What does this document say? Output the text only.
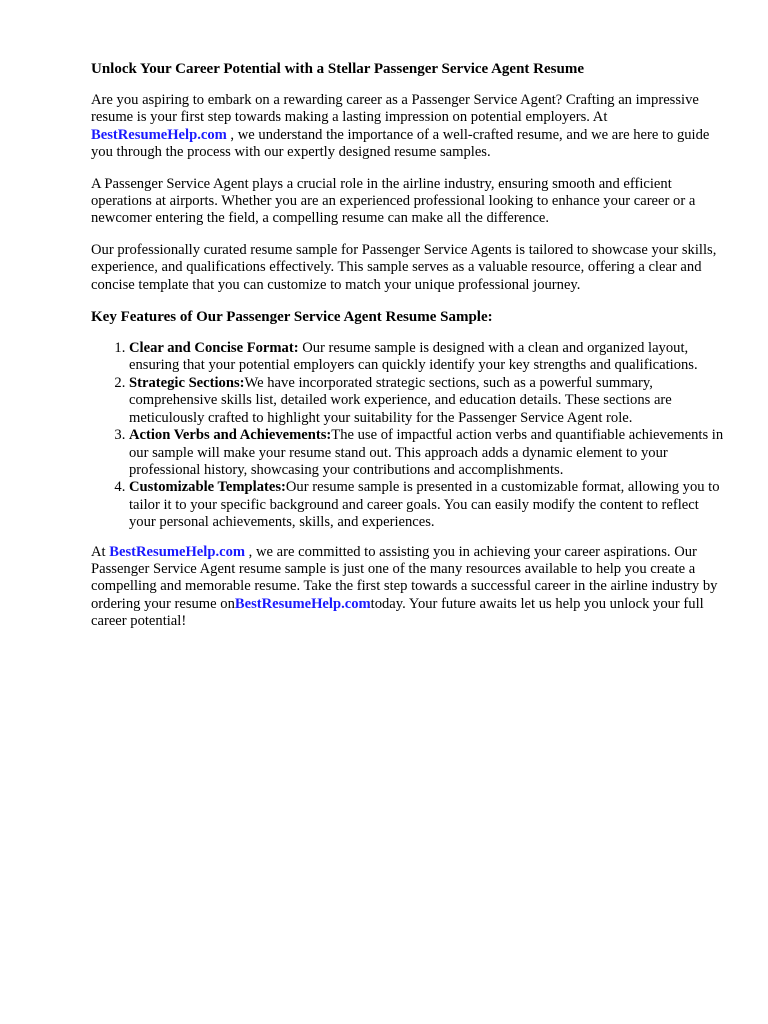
Unlock Your Career Potential with a Stellar Passenger Service Agent Resume

Are you aspiring to embark on a rewarding career as a Passenger Service Agent? Crafting an impressive resume is your first step towards making a lasting impression on potential employers. At BestResumeHelp.com , we understand the importance of a well-crafted resume, and we are here to guide you through the process with our expertly designed resume samples.

A Passenger Service Agent plays a crucial role in the airline industry, ensuring smooth and efficient operations at airports. Whether you are an experienced professional looking to enhance your career or a newcomer entering the field, a compelling resume can make all the difference.

Our professionally curated resume sample for Passenger Service Agents is tailored to showcase your skills, experience, and qualifications effectively. This sample serves as a valuable resource, offering a clear and concise template that you can customize to match your unique professional journey.

Key Features of Our Passenger Service Agent Resume Sample:
1. Clear and Concise Format: Our resume sample is designed with a clean and organized layout, ensuring that your potential employers can quickly identify your key strengths and qualifications.
2. Strategic Sections:We have incorporated strategic sections, such as a powerful summary, comprehensive skills list, detailed work experience, and education details. These sections are meticulously crafted to highlight your suitability for the Passenger Service Agent role.
3. Action Verbs and Achievements:The use of impactful action verbs and quantifiable achievements in our sample will make your resume stand out. This approach adds a dynamic element to your professional history, showcasing your contributions and accomplishments.
4. Customizable Templates:Our resume sample is presented in a customizable format, allowing you to tailor it to your specific background and career goals. You can easily modify the content to reflect your personal achievements, skills, and experiences.

At BestResumeHelp.com , we are committed to assisting you in achieving your career aspirations. Our Passenger Service Agent resume sample is just one of the many resources available to help you create a compelling and memorable resume. Take the first step towards a successful career in the airline industry by ordering your resume onBestResumeHelp.comtoday. Your future awaits let us help you unlock your full career potential!
